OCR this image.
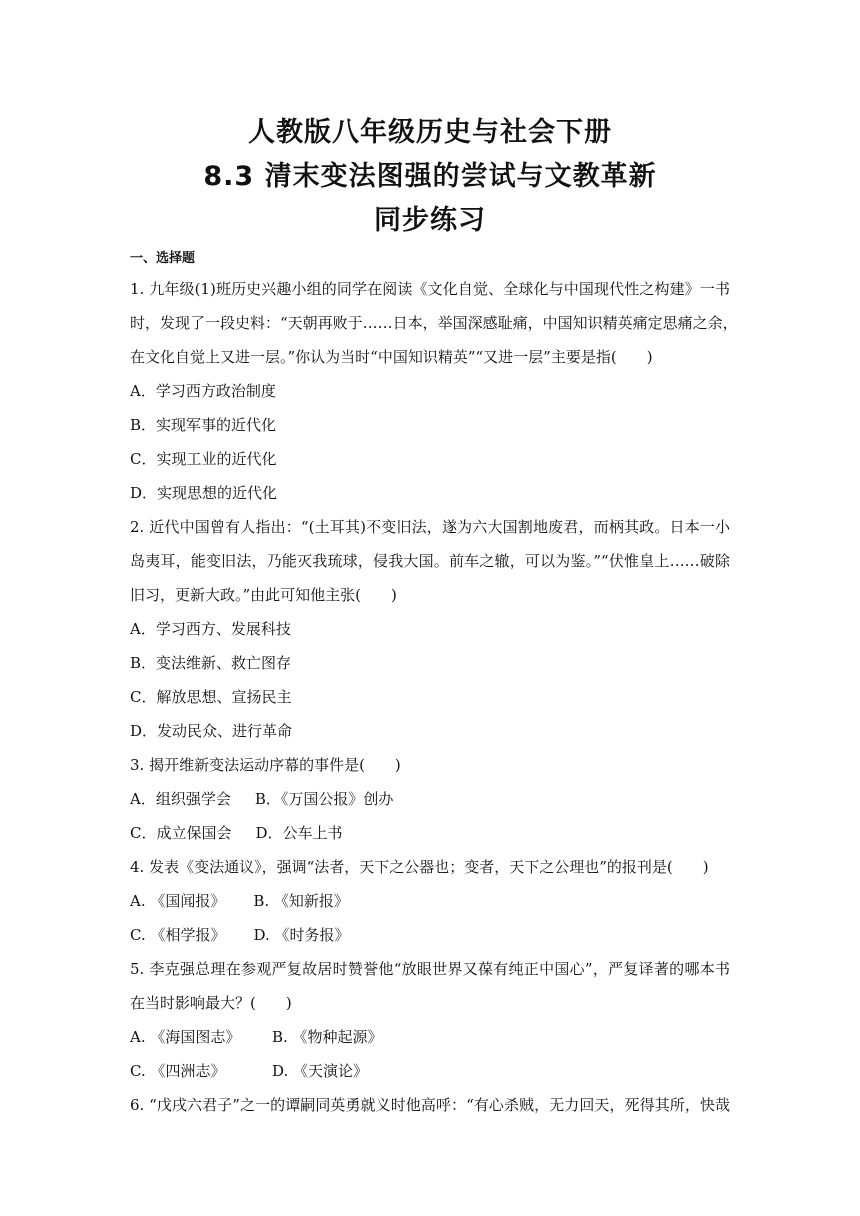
人教版八年级历史与社会下册
8.3 清末变法图强的尝试与文教革新
同步练习
一、选择题
1. 九年级(1)班历史兴趣小组的同学在阅读《文化自觉、全球化与中国现代性之构建》一书
时，发现了一段史料：“天朝再败于……日本，举国深感耻痛，中国知识精英痛定思痛之余，
在文化自觉上又进一层。”你认为当时“中国知识精英”“又进一层”主要是指(　　)
A．学习西方政治制度
B．实现军事的近代化
C．实现工业的近代化
D．实现思想的近代化
2. 近代中国曾有人指出：“(土耳其)不变旧法，遂为六大国割地废君，而柄其政。日本一小
岛夷耳，能变旧法，乃能灭我琉球，侵我大国。前车之辙，可以为鉴。”“伏惟皇上……破除
旧习，更新大政。”由此可知他主张(　　)
A．学习西方、发展科技
B．变法维新、救亡图存
C．解放思想、宣扬民主
D．发动民众、进行革命
3. 揭开维新变法运动序幕的事件是(　　)
A．组织强学会 B．《万国公报》创办
C．成立保国会 D．公车上书
4. 发表《变法通议》，强调“法者，天下之公器也；变者，天下之公理也”的报刊是(　　)
A. 《国闻报》 B. 《知新报》
C. 《相学报》 D. 《时务报》
5. 李克强总理在参观严复故居时赞誉他“放眼世界又葆有纯正中国心”，严复译著的哪本书
在当时影响最大？(　　)
A. 《海国图志》 B. 《物种起源》
C. 《四洲志》	D. 《天演论》
6. “戊戌六君子”之一的谭嗣同英勇就义时他高呼：“有心杀贼，无力回天，死得其所，快哉
